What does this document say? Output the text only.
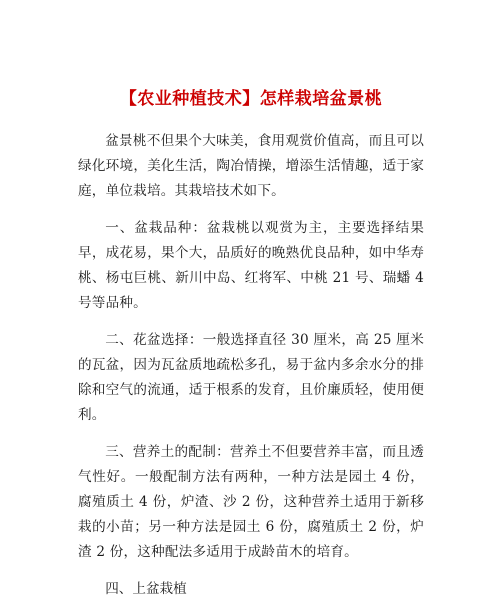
【农业种植技术】怎样栽培盆景桃

盆景桃不但果个大味美，食用观赏价值高，而且可以绿化环境，美化生活，陶冶情操，增添生活情趣，适于家庭，单位栽培。其栽培技术如下。

一、盆栽品种：盆栽桃以观赏为主，主要选择结果早，成花易，果个大，品质好的晚熟优良品种，如中华寿桃、杨屯巨桃、新川中岛、红将军、中桃 21 号、瑞蟠 4 号等品种。

二、花盆选择：一般选择直径 30 厘米，高 25 厘米的瓦盆，因为瓦盆质地疏松多孔，易于盆内多余水分的排除和空气的流通，适于根系的发育，且价廉质轻，使用便利。

三、营养土的配制：营养土不但要营养丰富，而且透气性好。一般配制方法有两种，一种方法是园土 4 份，腐殖质土 4 份，炉渣、沙 2 份，这种营养土适用于新移栽的小苗；另一种方法是园土 6 份，腐殖质土 2 份，炉渣 2 份，这种配法多适用于成龄苗木的培育。

四、上盆栽植
